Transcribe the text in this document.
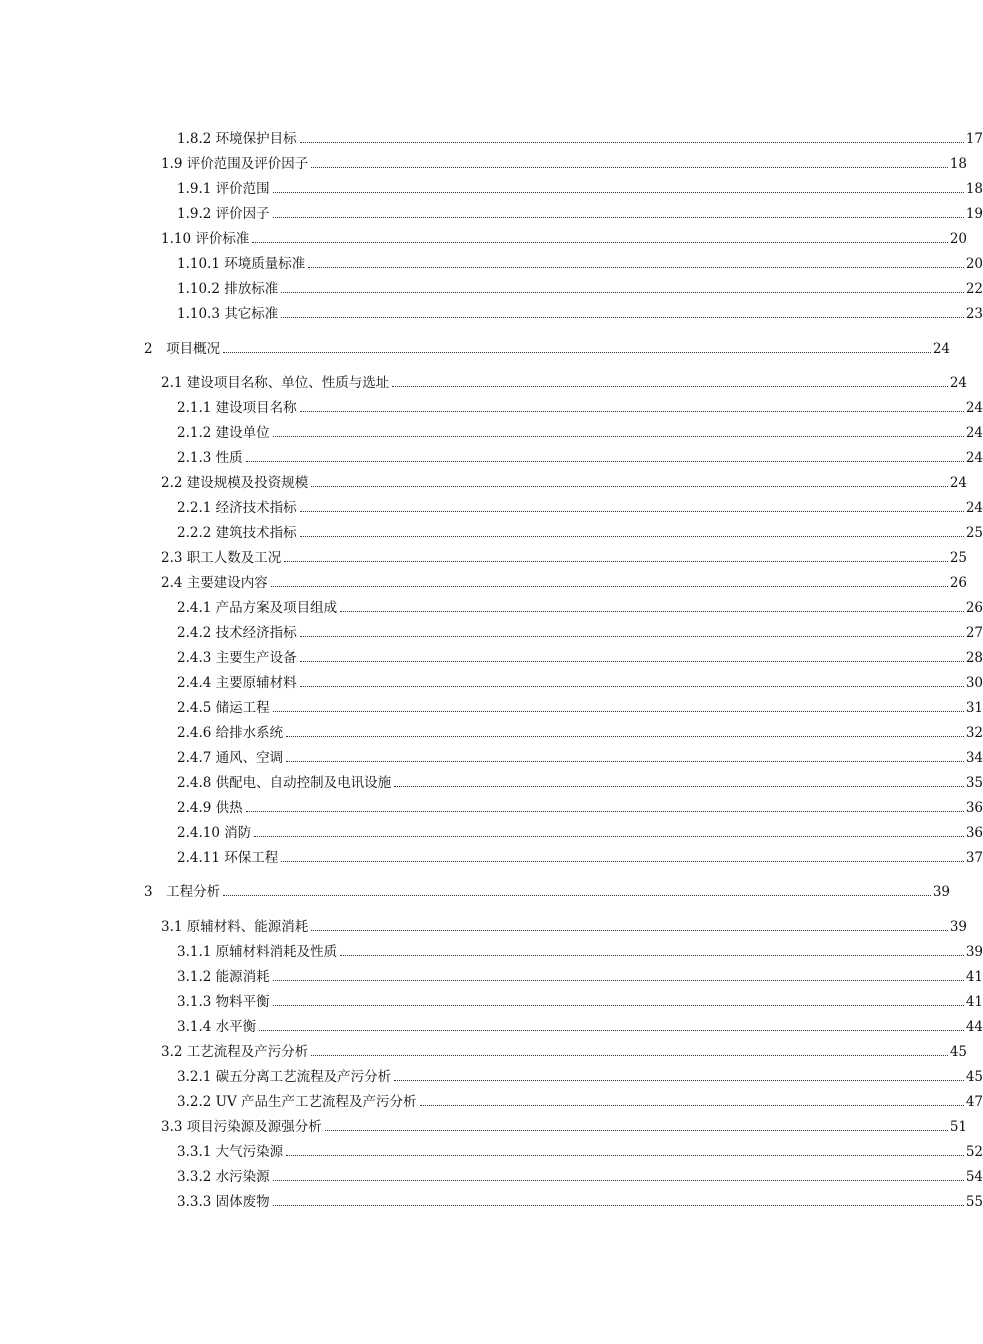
1.8.2 环境保护目标	17
1.9 评价范围及评价因子	18
1.9.1 评价范围	18
1.9.2 评价因子	19
1.10 评价标准	20
1.10.1 环境质量标准	20
1.10.2 排放标准	22
1.10.3 其它标准	23
2　项目概况	24
2.1 建设项目名称、单位、性质与选址	24
2.1.1 建设项目名称	24
2.1.2 建设单位	24
2.1.3 性质	24
2.2 建设规模及投资规模	24
2.2.1 经济技术指标	24
2.2.2 建筑技术指标	25
2.3 职工人数及工况	25
2.4 主要建设内容	26
2.4.1 产品方案及项目组成	26
2.4.2 技术经济指标	27
2.4.3 主要生产设备	28
2.4.4 主要原辅材料	30
2.4.5 储运工程	31
2.4.6 给排水系统	32
2.4.7 通风、空调	34
2.4.8 供配电、自动控制及电讯设施	35
2.4.9 供热	36
2.4.10 消防	36
2.4.11 环保工程	37
3　工程分析	39
3.1 原辅材料、能源消耗	39
3.1.1 原辅材料消耗及性质	39
3.1.2 能源消耗	41
3.1.3 物料平衡	41
3.1.4 水平衡	44
3.2 工艺流程及产污分析	45
3.2.1 碳五分离工艺流程及产污分析	45
3.2.2 UV 产品生产工艺流程及产污分析	47
3.3 项目污染源及源强分析	51
3.3.1 大气污染源	52
3.3.2 水污染源	54
3.3.3 固体废物	55
